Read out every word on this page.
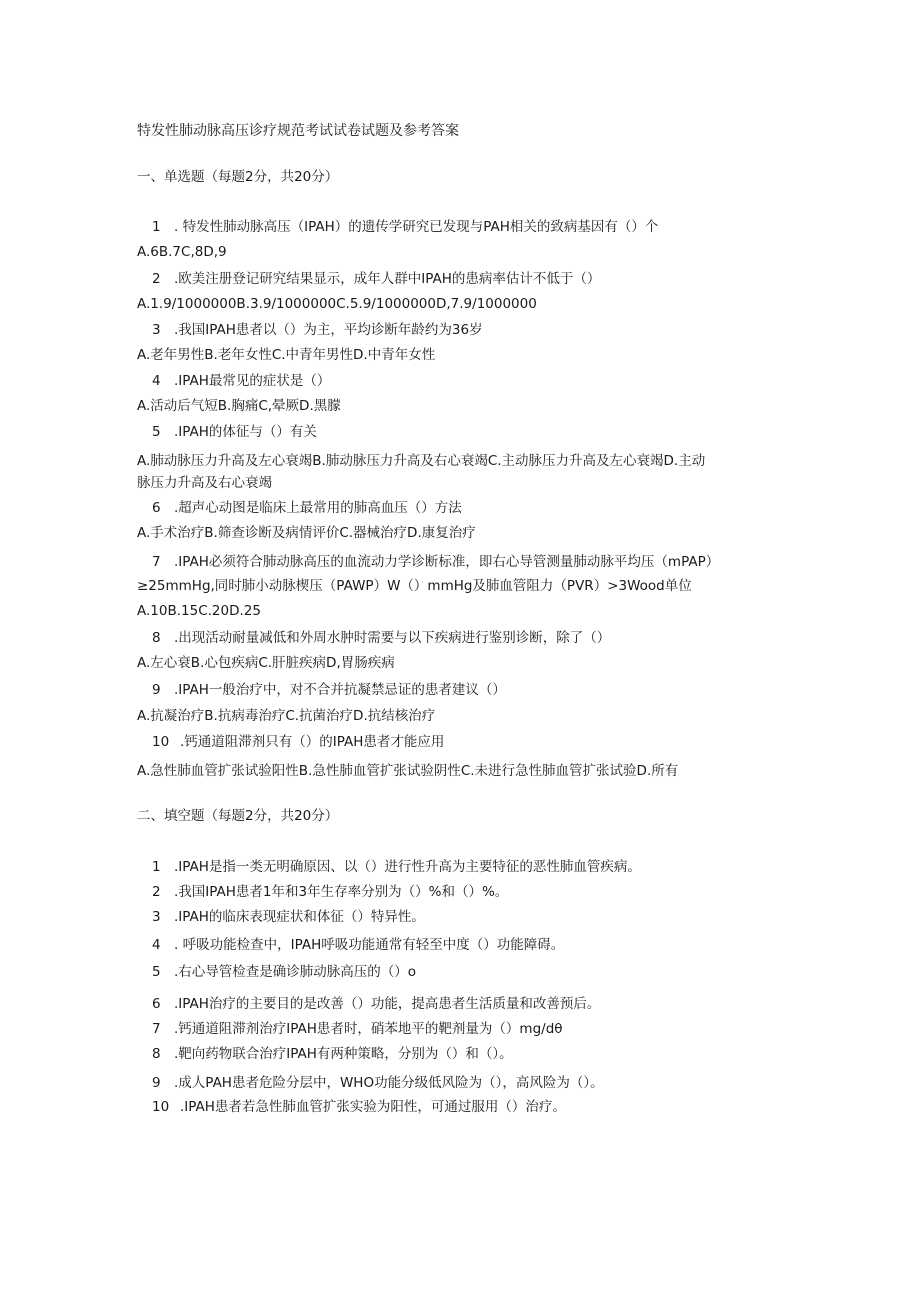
特发性肺动脉高压诊疗规范考试试卷试题及参考答案
一、单选题（每题2分，共20分）
1 . 特发性肺动脉高压（IPAH）的遗传学研究已发现与PAH相关的致病基因有（）个
A.6B.7C,8D,9
2 .欧美注册登记研究结果显示，成年人群中IPAH的患病率估计不低于（）
A.1.9/1000000B.3.9/1000000C.5.9/1000000D,7.9/1000000
3 .我国IPAH患者以（）为主，平均诊断年龄约为36岁
A.老年男性B.老年女性C.中青年男性D.中青年女性
4 .IPAH最常见的症状是（）
A.活动后气短B.胸痛C,晕厥D.黑朦
5 .IPAH的体征与（）有关
A.肺动脉压力升高及左心衰竭B.肺动脉压力升高及右心衰竭C.主动脉压力升高及左心衰竭D.主动
脉压力升高及右心衰竭
6 .超声心动图是临床上最常用的肺高血压（）方法
A.手术治疗B.筛查诊断及病情评价C.器械治疗D.康复治疗
7 .IPAH必须符合肺动脉高压的血流动力学诊断标准，即右心导管测量肺动脉平均压（mPAP）
≥25mmHg,同时肺小动脉楔压（PAWP）W（）mmHg及肺血管阻力（PVR）>3Wood单位
A.10B.15C.20D.25
8 .出现活动耐量减低和外周水肿时需要与以下疾病进行鉴别诊断，除了（）
A.左心衰B.心包疾病C.肝脏疾病D,胃肠疾病
9 .IPAH一般治疗中，对不合并抗凝禁忌证的患者建议（）
A.抗凝治疗B.抗病毒治疗C.抗菌治疗D.抗结核治疗
10 .钙通道阻滞剂只有（）的IPAH患者才能应用
A.急性肺血管扩张试验阳性B.急性肺血管扩张试验阴性C.未进行急性肺血管扩张试验D.所有
二、填空题（每题2分，共20分）
1 .IPAH是指一类无明确原因、以（）进行性升高为主要特征的恶性肺血管疾病。
2 .我国IPAH患者1年和3年生存率分别为（）%和（）%。
3 .IPAH的临床表现症状和体征（）特异性。
4 . 呼吸功能检查中，IPAH呼吸功能通常有轻至中度（）功能障碍。
5 .右心导管检查是确诊肺动脉高压的（）o
6 .IPAH治疗的主要目的是改善（）功能，提高患者生活质量和改善预后。
7 .钙通道阻滞剂治疗IPAH患者时，硝苯地平的靶剂量为（）mg∕dθ
8 .靶向药物联合治疗IPAH有两种策略，分别为（）和（）。
9 .成人PAH患者危险分层中，WHO功能分级低风险为（），高风险为（）。
10 .IPAH患者若急性肺血管扩张实验为阳性，可通过服用（）治疗。
